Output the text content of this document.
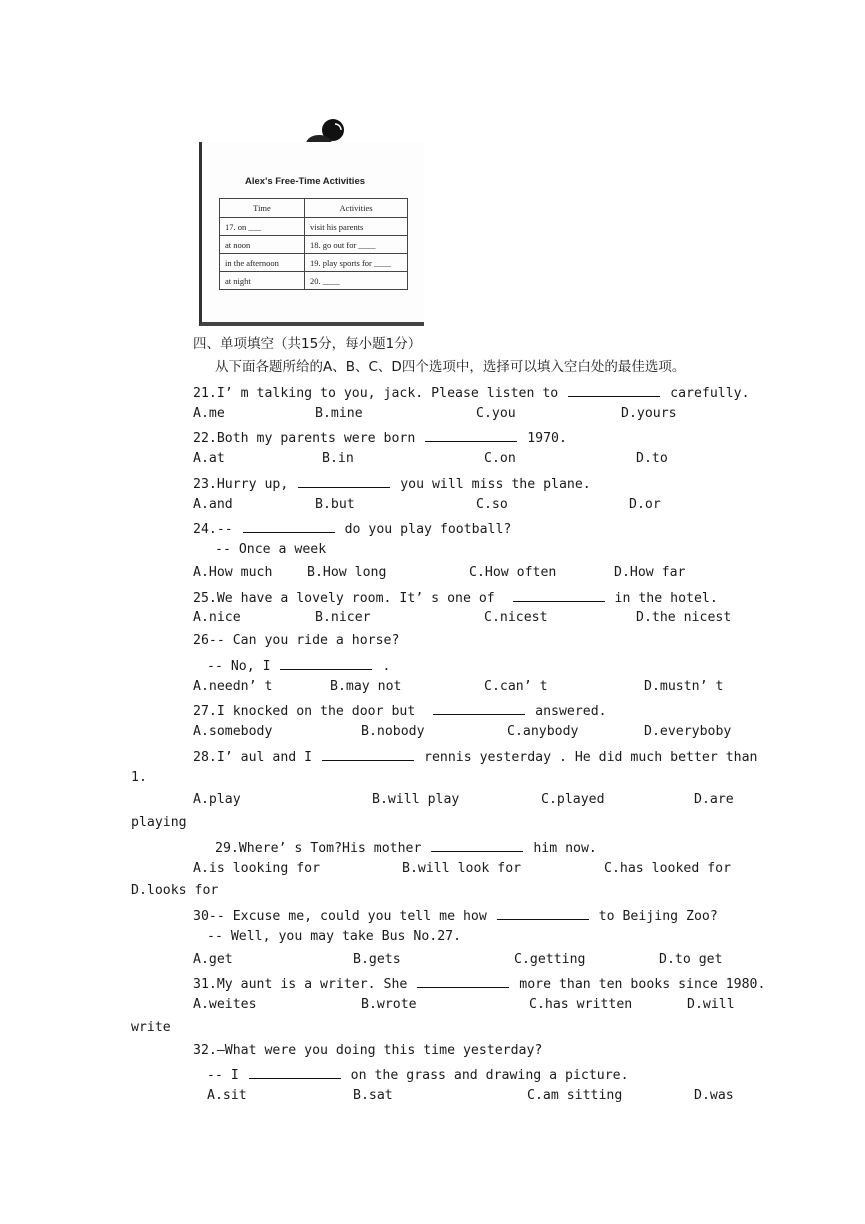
Alex's Free-Time Activities
Time	Activities
17. on ___	visit his parents
at noon	18. go out for ____
in the afternoon	19. play sports for ____
at night	20. ____
四、单项填空（共15分，每小题1分）
从下面各题所给的A、B、C、D四个选项中，选择可以填入空白处的最佳选项。
21.I’ m talking to you, jack. Please listen to	carefully.
A.me	B.mine	C.you	D.yours
22.Both my parents were born	1970.
A.at	B.in	C.on	D.to
23.Hurry up,	you will miss the plane.
A.and	B.but	C.so	D.or
24.--	do you play football?
-- Once a week
A.How much	B.How long	C.How often	D.How far
25.We have a lovely room. It’ s one of	in the hotel.
A.nice	B.nicer	C.nicest	D.the nicest
26-- Can you ride a horse?
-- No, I	.
A.needn’ t	B.may not	C.can’ t	D.mustn’ t
27.I knocked on the door but	answered.
A.somebody	B.nobody	C.anybody	D.everyboby
28.I’ aul and I	rennis yesterday . He did much better than
1.
A.play	B.will play	C.played	D.are
playing
29.Where’ s Tom?His mother	him now.
A.is looking for	B.will look for	C.has looked for
D.looks for
30-- Excuse me, could you tell me how	to Beijing Zoo?
-- Well, you may take Bus No.27.
A.get	B.gets	C.getting	D.to get
31.My aunt is a writer. She	more than ten books since 1980.
A.weites	B.wrote	C.has written	D.will
write
32.—What were you doing this time yesterday?
-- I	on the grass and drawing a picture.
A.sit	B.sat	C.am sitting	D.was
